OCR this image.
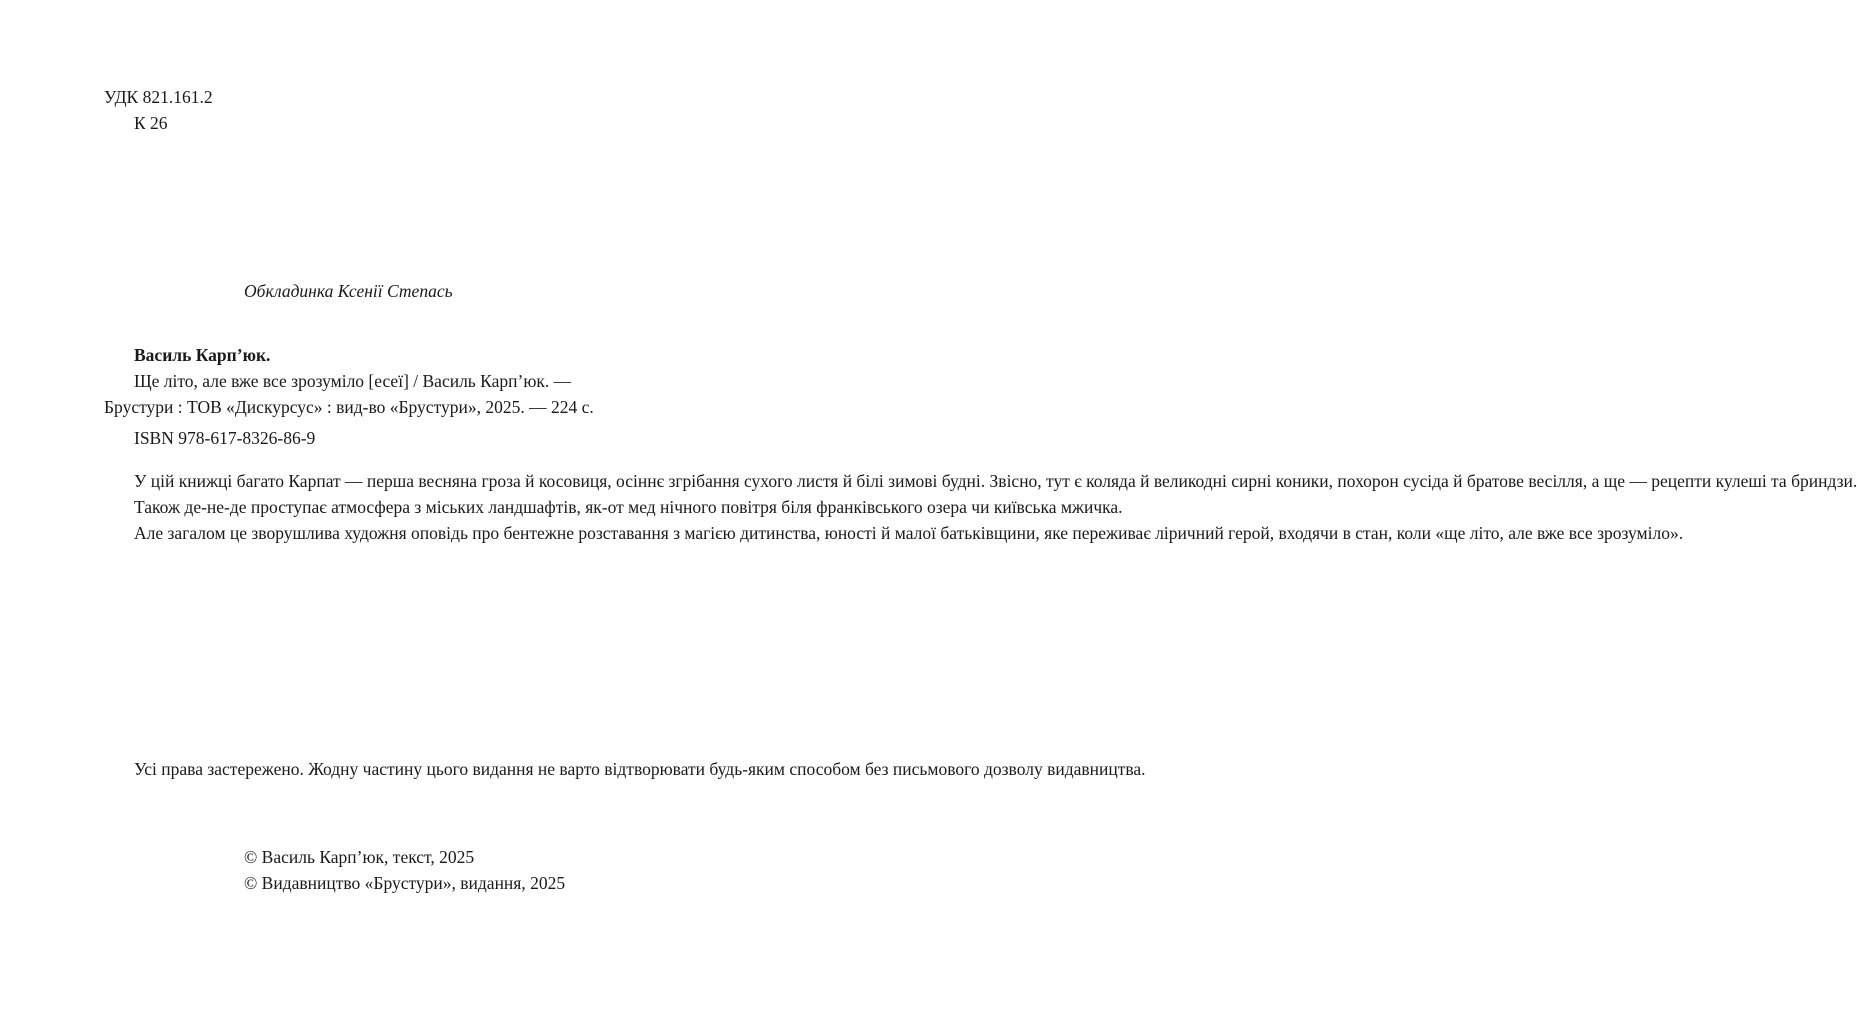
УДК 821.161.2
К 26
Обкладинка Ксенії Степась
Василь Карп’юк.
Ще літо, але вже все зрозуміло [есеї] / Василь Карп’юк. —
Брустури : ТОВ «Дискурсус» : вид-во «Брустури», 2025. — 224 с.
ISBN 978-617-8326-86-9

У цій книжці багато Карпат — перша весняна гроза й косовиця, осіннє згрібання сухого листя й білі зимові будні. Звісно, тут є коляда й великодні сирні коники, похорон сусіда й братове весілля, а ще — рецепти кулеші та бриндзи.

Також де-не-де проступає атмосфера з міських ландшафтів, як-от мед нічного повітря біля франківського озера чи київська мжичка.

Але загалом це зворушлива художня оповідь про бентежне розставання з магією дитинства, юності й малої батьківщини, яке переживає ліричний герой, входячи в стан, коли «ще літо, але вже все зрозуміло».

Усі права застережено. Жодну частину цього видання не варто відтворювати будь-яким способом без письмового дозволу видавництва.

© Василь Карп’юк, текст, 2025
© Видавництво «Брустури», видання, 2025
